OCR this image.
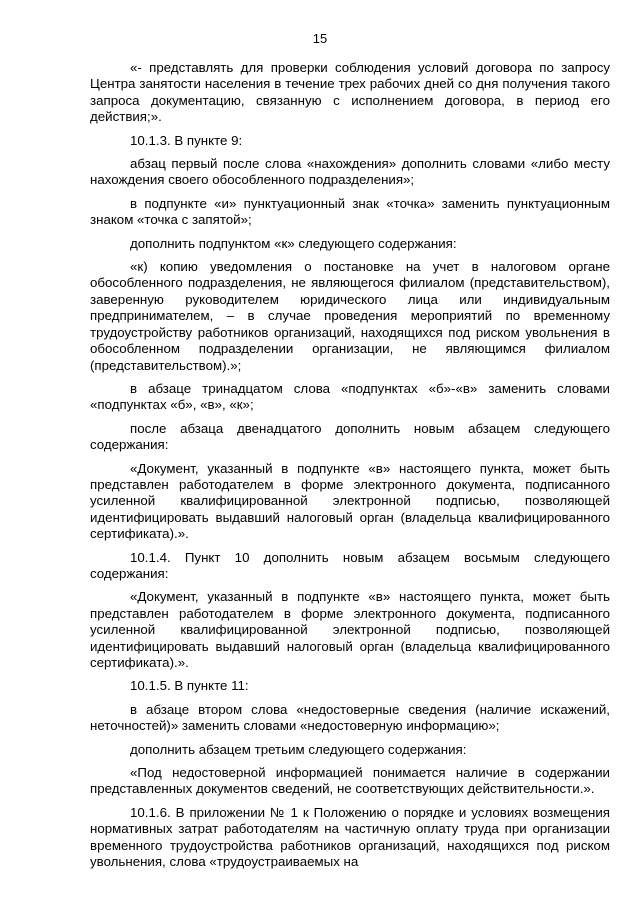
15

«- представлять для проверки соблюдения условий договора по запросу Центра занятости населения в течение трех рабочих дней со дня получения такого запроса документацию, связанную с исполнением договора, в период его действия;».

10.1.3. В пункте 9:

абзац первый после слова «нахождения» дополнить словами «либо месту нахождения своего обособленного подразделения»;

в подпункте «и» пунктуационный знак «точка» заменить пунктуационным знаком «точка с запятой»;

дополнить подпунктом «к» следующего содержания:

«к) копию уведомления о постановке на учет в налоговом органе обособленного подразделения, не являющегося филиалом (представительством), заверенную руководителем юридического лица или индивидуальным предпринимателем, – в случае проведения мероприятий по временному трудоустройству работников организаций, находящихся под риском увольнения в обособленном подразделении организации, не являющимся филиалом (представительством).»;

в абзаце тринадцатом слова «подпунктах «б»-«в» заменить словами «подпунктах «б», «в», «к»;

после абзаца двенадцатого дополнить новым абзацем следующего содержания:

«Документ, указанный в подпункте «в» настоящего пункта, может быть представлен работодателем в форме электронного документа, подписанного усиленной квалифицированной электронной подписью, позволяющей идентифицировать выдавший налоговый орган (владельца квалифицированного сертификата).».

10.1.4. Пункт 10 дополнить новым абзацем восьмым следующего содержания:

«Документ, указанный в подпункте «в» настоящего пункта, может быть представлен работодателем в форме электронного документа, подписанного усиленной квалифицированной электронной подписью, позволяющей идентифицировать выдавший налоговый орган (владельца квалифицированного сертификата).».

10.1.5. В пункте 11:

в абзаце втором слова «недостоверные сведения (наличие искажений, неточностей)» заменить словами «недостоверную информацию»;

дополнить абзацем третьим следующего содержания:

«Под недостоверной информацией понимается наличие в содержании представленных документов сведений, не соответствующих действительности.».

10.1.6. В приложении № 1 к Положению о порядке и условиях возмещения нормативных затрат работодателям на частичную оплату труда при организации временного трудоустройства работников организаций, находящихся под риском увольнения, слова «трудоустраиваемых на
